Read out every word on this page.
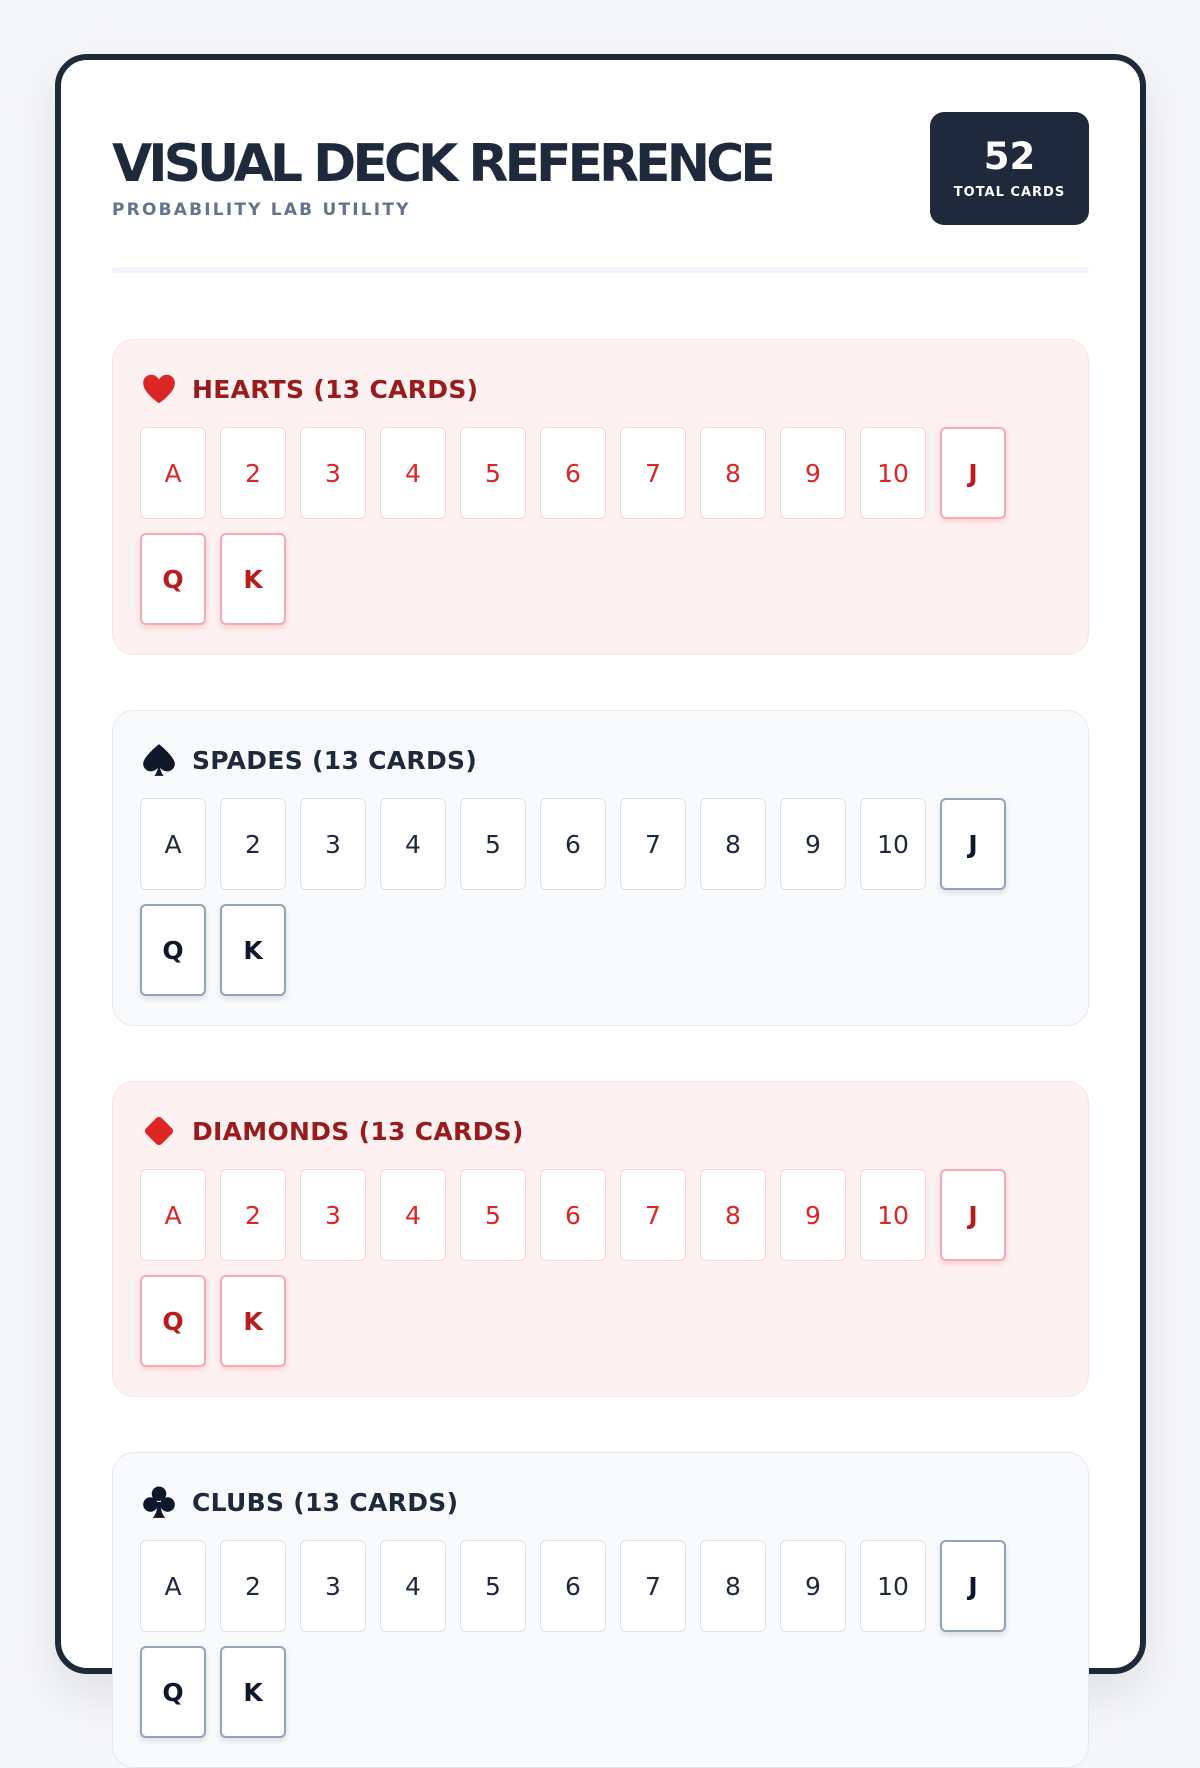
VISUAL DECK REFERENCE
PROBABILITY LAB UTILITY
52
TOTAL CARDS
HEARTS (13 CARDS)
A	2	3	4	5	6	7	8	9	10	J
Q	K
SPADES (13 CARDS)
A	2	3	4	5	6	7	8	9	10	J
Q	K
DIAMONDS (13 CARDS)
A	2	3	4	5	6	7	8	9	10	J
Q	K
CLUBS (13 CARDS)
A	2	3	4	5	6	7	8	9	10	J
Q	K
